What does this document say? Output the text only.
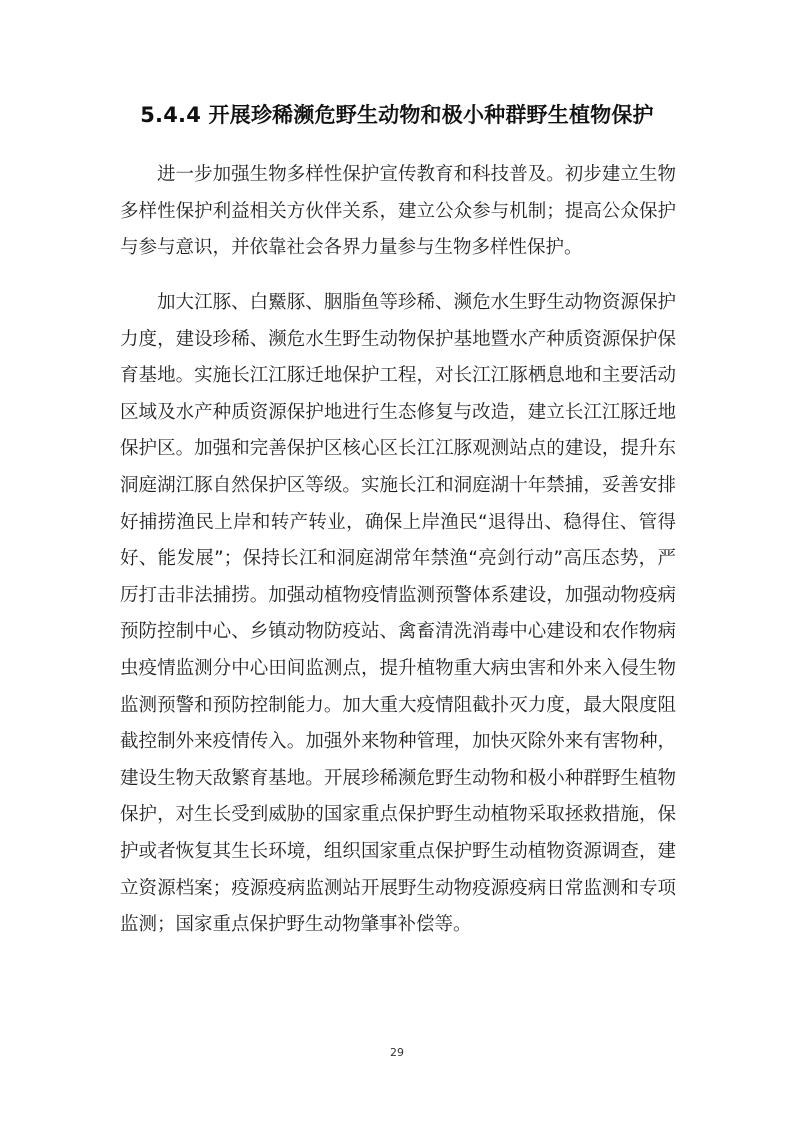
5.4.4 开展珍稀濒危野生动物和极小种群野生植物保护

进一步加强生物多样性保护宣传教育和科技普及。初步建立生物多样性保护利益相关方伙伴关系，建立公众参与机制；提高公众保护与参与意识，并依靠社会各界力量参与生物多样性保护。

加大江豚、白鱀豚、胭脂鱼等珍稀、濒危水生野生动物资源保护力度，建设珍稀、濒危水生野生动物保护基地暨水产种质资源保护保育基地。实施长江江豚迁地保护工程，对长江江豚栖息地和主要活动区域及水产种质资源保护地进行生态修复与改造，建立长江江豚迁地保护区。加强和完善保护区核心区长江江豚观测站点的建设，提升东洞庭湖江豚自然保护区等级。实施长江和洞庭湖十年禁捕，妥善安排好捕捞渔民上岸和转产转业，确保上岸渔民“退得出、稳得住、管得好、能发展”；保持长江和洞庭湖常年禁渔“亮剑行动”高压态势，严厉打击非法捕捞。加强动植物疫情监测预警体系建设，加强动物疫病预防控制中心、乡镇动物防疫站、禽畜清洗消毒中心建设和农作物病虫疫情监测分中心田间监测点，提升植物重大病虫害和外来入侵生物监测预警和预防控制能力。加大重大疫情阻截扑灭力度，最大限度阻截控制外来疫情传入。加强外来物种管理，加快灭除外来有害物种，建设生物天敌繁育基地。开展珍稀濒危野生动物和极小种群野生植物保护，对生长受到威胁的国家重点保护野生动植物采取拯救措施，保护或者恢复其生长环境，组织国家重点保护野生动植物资源调查，建立资源档案；疫源疫病监测站开展野生动物疫源疫病日常监测和专项监测；国家重点保护野生动物肇事补偿等。

29
